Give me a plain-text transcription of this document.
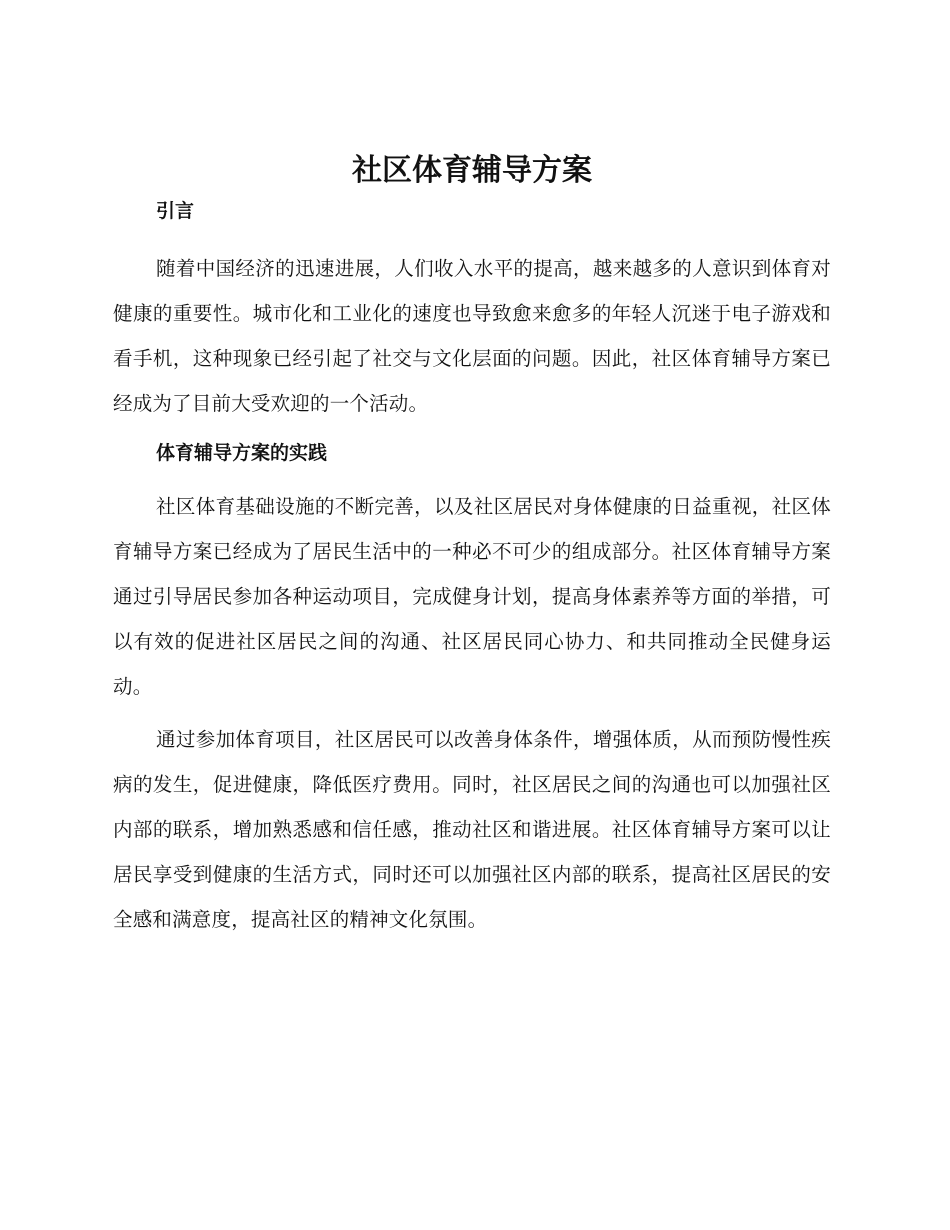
社区体育辅导方案
引言

随着中国经济的迅速进展，人们收入水平的提高，越来越多的人意识到体育对健康的重要性。城市化和工业化的速度也导致愈来愈多的年轻人沉迷于电子游戏和看手机，这种现象已经引起了社交与文化层面的问题。因此，社区体育辅导方案已经成为了目前大受欢迎的一个活动。

体育辅导方案的实践

社区体育基础设施的不断完善，以及社区居民对身体健康的日益重视，社区体育辅导方案已经成为了居民生活中的一种必不可少的组成部分。社区体育辅导方案通过引导居民参加各种运动项目，完成健身计划，提高身体素养等方面的举措，可以有效的促进社区居民之间的沟通、社区居民同心协力、和共同推动全民健身运动。

通过参加体育项目，社区居民可以改善身体条件，增强体质，从而预防慢性疾病的发生，促进健康，降低医疗费用。同时，社区居民之间的沟通也可以加强社区内部的联系，增加熟悉感和信任感，推动社区和谐进展。社区体育辅导方案可以让居民享受到健康的生活方式，同时还可以加强社区内部的联系，提高社区居民的安全感和满意度，提高社区的精神文化氛围。
